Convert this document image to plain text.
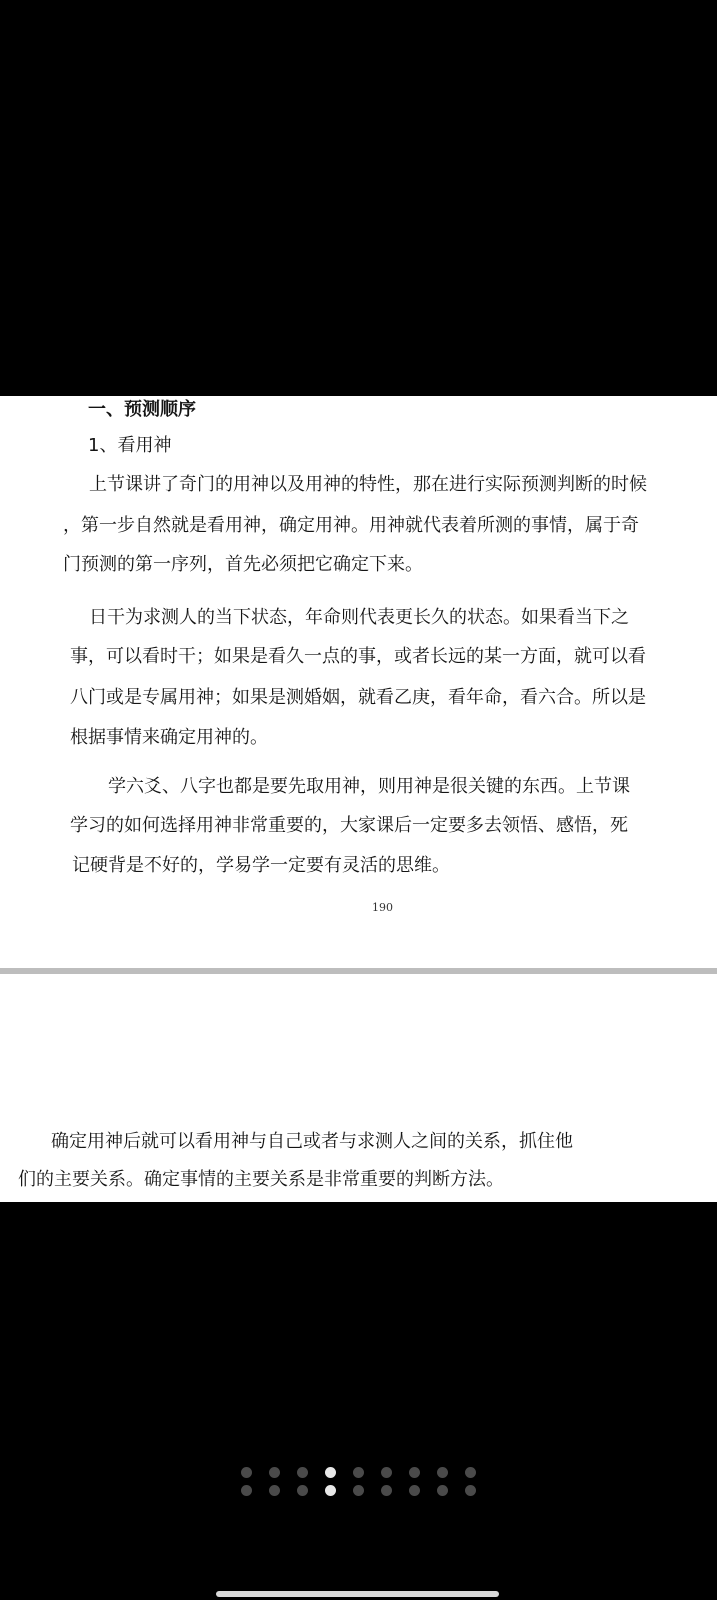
一、预测顺序
1、看用神
上节课讲了奇门的用神以及用神的特性，那在进行实际预测判断的时候
，第一步自然就是看用神，确定用神。用神就代表着所测的事情，属于奇
门预测的第一序列，首先必须把它确定下来。
日干为求测人的当下状态，年命则代表更长久的状态。如果看当下之
事，可以看时干；如果是看久一点的事，或者长远的某一方面，就可以看
八门或是专属用神；如果是测婚姻，就看乙庚，看年命，看六合。所以是
根据事情来确定用神的。
学六爻、八字也都是要先取用神，则用神是很关键的东西。上节课
学习的如何选择用神非常重要的，大家课后一定要多去领悟、感悟，死
记硬背是不好的，学易学一定要有灵活的思维。
190
确定用神后就可以看用神与自己或者与求测人之间的关系，抓住他
们的主要关系。确定事情的主要关系是非常重要的判断方法。
